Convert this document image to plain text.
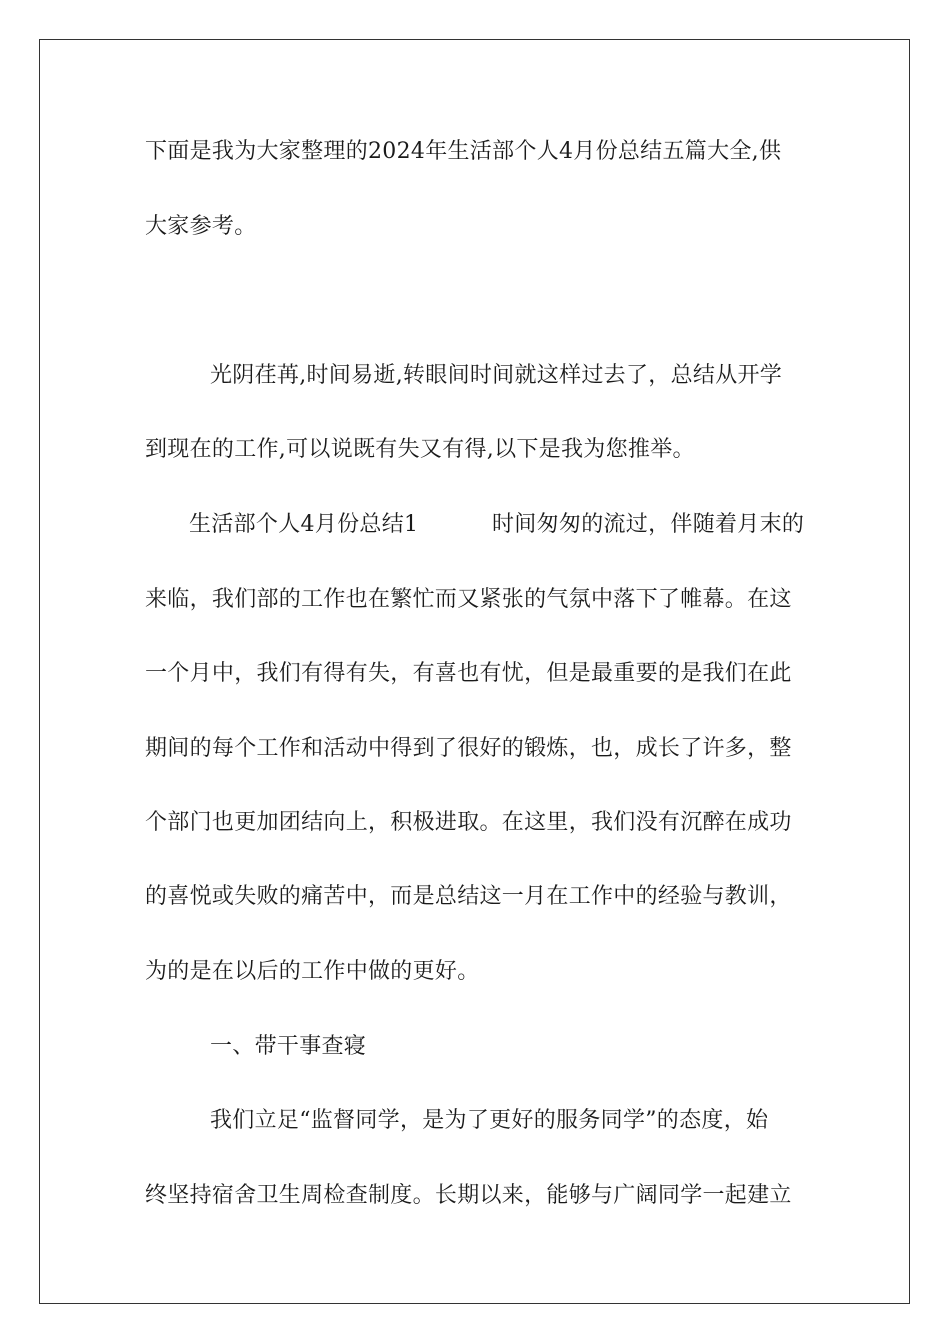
下面是我为大家整理的2024年生活部个人4月份总结五篇大全,供
大家参考。
光阴荏苒,时间易逝,转眼间时间就这样过去了，总结从开学
到现在的工作,可以说既有失又有得,以下是我为您推举。
生活部个人4月份总结1	时间匆匆的流过，伴随着月末的
来临，我们部的工作也在繁忙而又紧张的气氛中落下了帷幕。在这
一个月中，我们有得有失，有喜也有忧，但是最重要的是我们在此
期间的每个工作和活动中得到了很好的锻炼，也，成长了许多，整
个部门也更加团结向上，积极进取。在这里，我们没有沉醉在成功
的喜悦或失败的痛苦中，而是总结这一月在工作中的经验与教训，
为的是在以后的工作中做的更好。
一、带干事查寝
我们立足“监督同学，是为了更好的服务同学”的态度，始
终坚持宿舍卫生周检查制度。长期以来，能够与广阔同学一起建立
